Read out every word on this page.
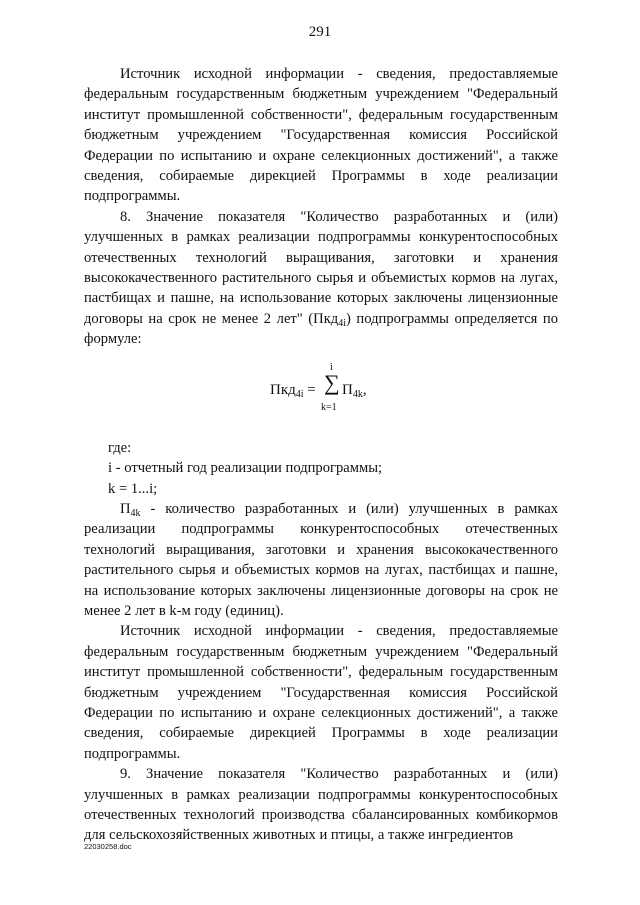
291

Источник исходной информации - сведения, предоставляемые федеральным государственным бюджетным учреждением "Федеральный институт промышленной собственности", федеральным государственным бюджетным учреждением "Государственная комиссия Российской Федерации по испытанию и охране селекционных достижений", а также сведения, собираемые дирекцией Программы в ходе реализации подпрограммы.

8. Значение показателя "Количество разработанных и (или) улучшенных в рамках реализации подпрограммы конкурентоспособных отечественных технологий выращивания, заготовки и хранения высококачественного растительного сырья и объемистых кормов на лугах, пастбищах и пашне, на использование которых заключены лицензионные договоры на срок не менее 2 лет" (Пкд$_{4i}$) подпрограммы определяется по формуле:

Пкд$_{4i}$ =
i
∑
k=1
$П_{4k}$,

где:

i - отчетный год реализации подпрограммы;

k = 1...i;

$П_{4k}$ - количество разработанных и (или) улучшенных в рамках реализации подпрограммы конкурентоспособных отечественных технологий выращивания, заготовки и хранения высококачественного растительного сырья и объемистых кормов на лугах, пастбищах и пашне, на использование которых заключены лицензионные договоры на срок не менее 2 лет в k-м году (единиц).

Источник исходной информации - сведения, предоставляемые федеральным государственным бюджетным учреждением "Федеральный институт промышленной собственности", федеральным государственным бюджетным учреждением "Государственная комиссия Российской Федерации по испытанию и охране селекционных достижений", а также сведения, собираемые дирекцией Программы в ходе реализации подпрограммы.

9. Значение показателя "Количество разработанных и (или) улучшенных в рамках реализации подпрограммы конкурентоспособных отечественных технологий производства сбалансированных комбикормов для сельскохозяйственных животных и птицы, а также ингредиентов

22030258.doc
